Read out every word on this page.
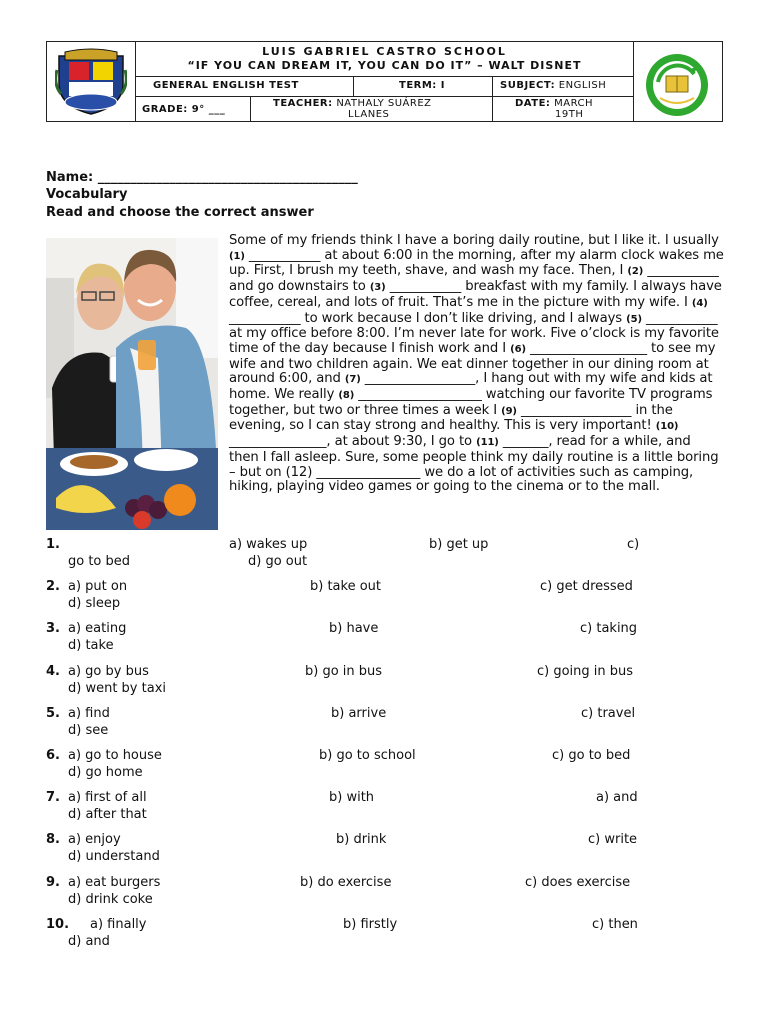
LUIS GABRIEL CASTRO SCHOOL
“IF YOU CAN DREAM IT, YOU CAN DO IT” – WALT DISNET
GENERAL ENGLISH TEST	TERM: I	SUBJECT: ENGLISH
GRADE: 9° ___
TEACHER: NATHALY SUÁREZ
LLANES
DATE: MARCH
19TH
Name: ________________________________________
Vocabulary
Read and choose the correct answer
Some of my friends think I have a boring daily routine, but I like it. I usually (1) ___________ at about 6:00 in the morning, after my alarm clock wakes me up. First, I brush my teeth, shave, and wash my face. Then, I (2) ___________ and go downstairs to (3) ___________ breakfast with my family. I always have coffee, cereal, and lots of fruit. That’s me in the picture with my wife. I (4) ___________ to work because I don’t like driving, and I always (5) ___________ at my office before 8:00. I’m never late for work. Five o’clock is my favorite time of the day because I finish work and I (6) __________________ to see my wife and two children again. We eat dinner together in our dining room at around 6:00, and (7) _________________, I hang out with my wife and kids at home. We really (8) ___________________ watching our favorite TV programs together, but two or three times a week I (9) _________________ in the evening, so I can stay strong and healthy. This is very important! (10) _______________, at about 9:30, I go to (11) _______, read for a while, and then I fall asleep. Sure, some people think my daily routine is a little boring – but on (12) ________________ we do a lot of activities such as camping, hiking, playing video games or going to the cinema or to the mall.
1.	a) wakes up	b) get up	c)
go to bed	d) go out
2. a) put on	b) take out	c) get dressed
d) sleep
3. a) eating	b) have	c) taking
d) take
4. a) go by bus	b) go in bus	c) going in bus
d) went by taxi
5. a) find	b) arrive	c) travel
d) see
6. a) go to house	b) go to school	c) go to bed
d) go home
7. a) first of all	b) with	a) and
d) after that
8. a) enjoy	b) drink	c) write
d) understand
9. a) eat burgers	b) do exercise	c) does exercise
d) drink coke
10. a) finally	b) firstly	c) then
d) and
